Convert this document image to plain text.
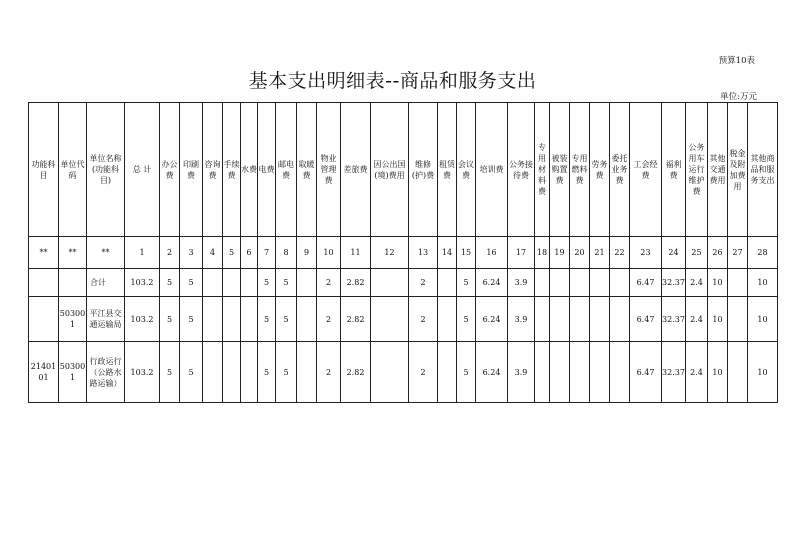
预算10表
基本支出明细表--商品和服务支出
单位:万元
功能科目	单位代码	单位名称(功能科目)	总 计	办公费	印刷费	咨询费	手续费	水费	电费	邮电费	取暖费	物业管理费	差旅费	因公出国(境)费用	维修(护)费	租赁费	会议费	培训费	公务接待费	专用材料费	被装购置费	专用燃料费	劳务费	委托业务费	工会经费	福利费	公务用车运行维护费	其他交通费用	税金及附加费用	其他商品和服务支出
**	**	**	1	2	3	4	5	6	7	8	9	10	11	12	13	14	15	16	17	18	19	20	21	22	23	24	25	26	27	28
		合计	103.2	5	5				5	5		2	2.82		2		5	6.24	3.9						6.47	32.37	2.4	10		10
	503001	平江县交通运输局	103.2	5	5				5	5		2	2.82		2		5	6.24	3.9						6.47	32.37	2.4	10		10
2140101	503001	行政运行（公路水路运输）	103.2	5	5				5	5		2	2.82		2		5	6.24	3.9						6.47	32.37	2.4	10		10
